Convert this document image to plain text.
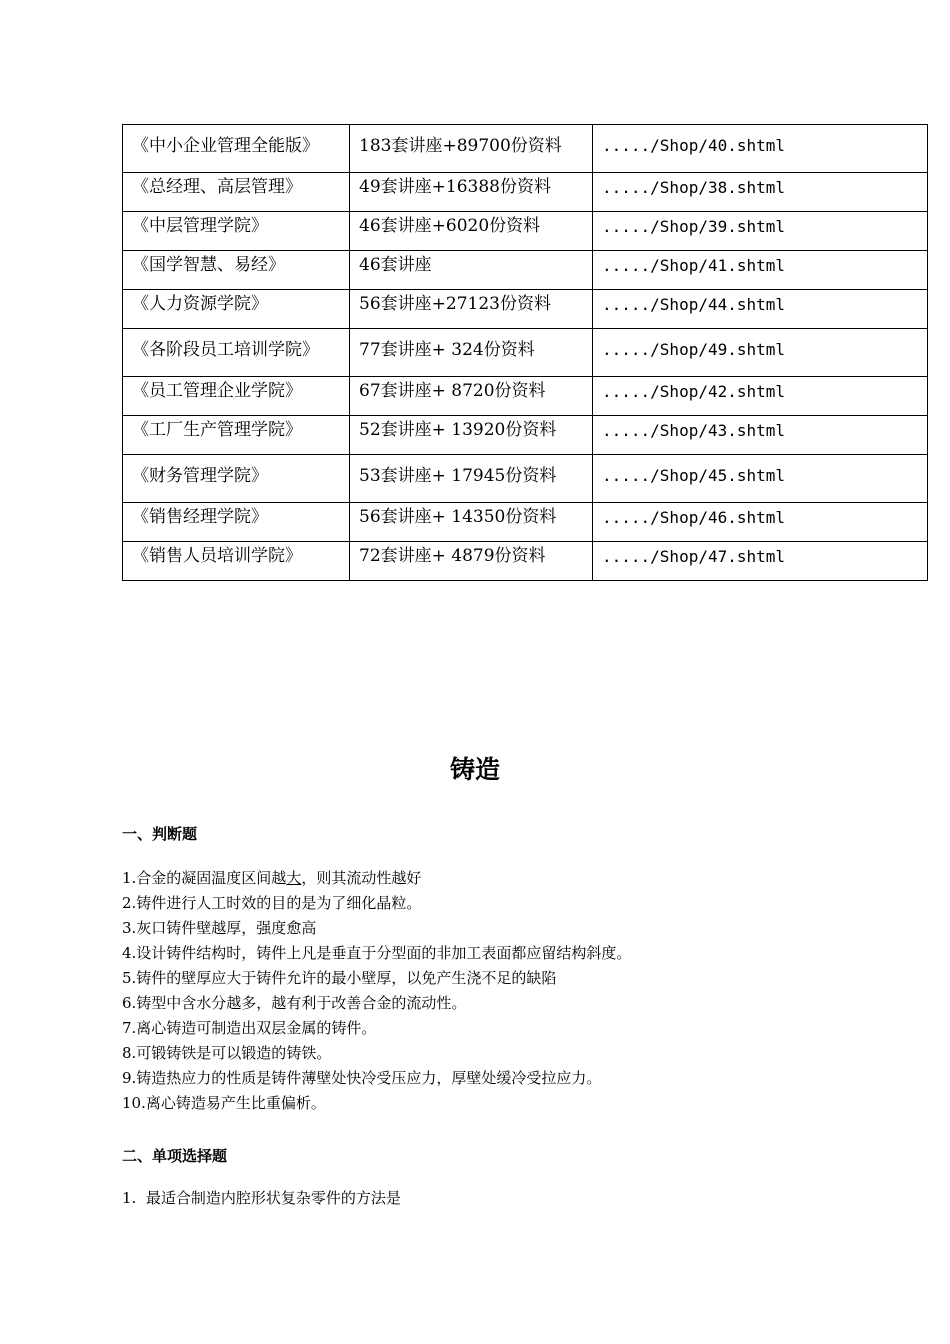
《中小企业管理全能版》	183套讲座+89700份资料	...../Shop/40.shtml
《总经理、高层管理》	49套讲座+16388份资料	...../Shop/38.shtml
《中层管理学院》	46套讲座+6020份资料	...../Shop/39.shtml
《国学智慧、易经》	46套讲座	...../Shop/41.shtml
《人力资源学院》	56套讲座+27123份资料	...../Shop/44.shtml
《各阶段员工培训学院》	77套讲座+ 324份资料	...../Shop/49.shtml
《员工管理企业学院》	67套讲座+ 8720份资料	...../Shop/42.shtml
《工厂生产管理学院》	52套讲座+ 13920份资料	...../Shop/43.shtml
《财务管理学院》	53套讲座+ 17945份资料	...../Shop/45.shtml
《销售经理学院》	56套讲座+ 14350份资料	...../Shop/46.shtml
《销售人员培训学院》	72套讲座+ 4879份资料	...../Shop/47.shtml
铸造
一、判断题
1.合金的凝固温度区间越大，则其流动性越好
2.铸件进行人工时效的目的是为了细化晶粒。
3.灰口铸件壁越厚，强度愈高
4.设计铸件结构时，铸件上凡是垂直于分型面的非加工表面都应留结构斜度。
5.铸件的壁厚应大于铸件允许的最小壁厚，以免产生浇不足的缺陷
6.铸型中含水分越多，越有利于改善合金的流动性。
7.离心铸造可制造出双层金属的铸件。
8.可锻铸铁是可以锻造的铸铁。
9.铸造热应力的性质是铸件薄壁处快冷受压应力，厚壁处缓冷受拉应力。
10.离心铸造易产生比重偏析。
二、单项选择题
1.  最适合制造内腔形状复杂零件的方法是
